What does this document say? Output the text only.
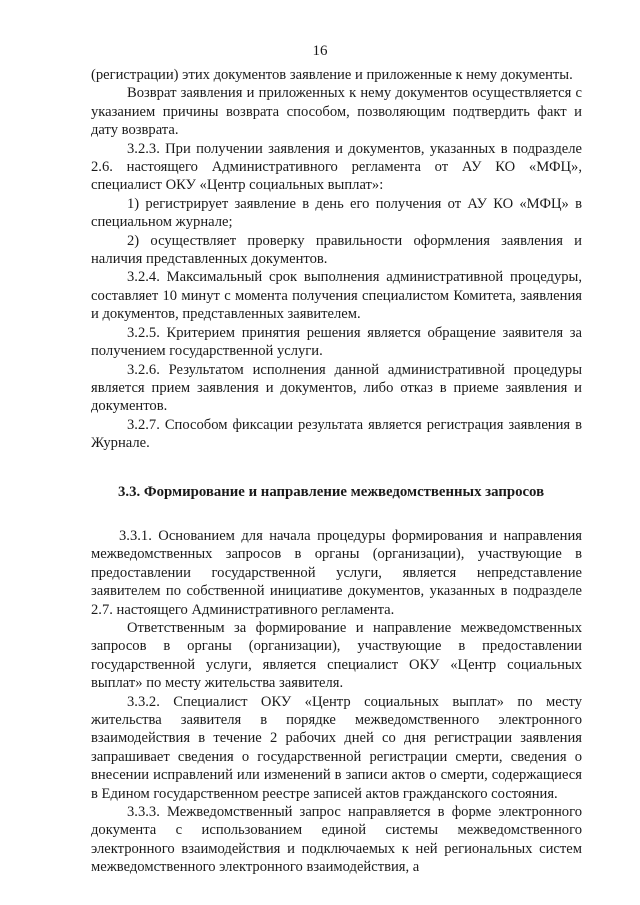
16

(регистрации) этих документов заявление и приложенные к нему документы.

Возврат заявления и приложенных к нему документов осуществляется с указанием причины возврата способом, позволяющим подтвердить факт и дату возврата.

3.2.3. При получении заявления и документов, указанных в подразделе 2.6. настоящего Административного регламента от АУ КО «МФЦ», специалист ОКУ «Центр социальных выплат»:

1) регистрирует заявление в день его получения от АУ КО «МФЦ» в специальном журнале;

2) осуществляет проверку правильности оформления заявления и наличия представленных документов.

3.2.4. Максимальный срок выполнения административной процедуры, составляет 10 минут с момента получения специалистом Комитета, заявления и документов, представленных заявителем.

3.2.5. Критерием принятия решения является обращение заявителя за получением государственной услуги.

3.2.6. Результатом исполнения данной административной процедуры является прием заявления и документов, либо отказ в приеме заявления и документов.

3.2.7. Способом фиксации результата является регистрация заявления в Журнале.

3.3. Формирование и направление межведомственных запросов

3.3.1. Основанием для начала процедуры формирования и направления межведомственных запросов в органы (организации), участвующие в предоставлении государственной услуги, является непредставление заявителем по собственной инициативе документов, указанных в подразделе 2.7. настоящего Административного регламента.

Ответственным за формирование и направление межведомственных запросов в органы (организации), участвующие в предоставлении государственной услуги, является специалист ОКУ «Центр социальных выплат» по месту жительства заявителя.

3.3.2. Специалист ОКУ «Центр социальных выплат» по месту жительства заявителя в порядке межведомственного электронного взаимодействия в течение 2 рабочих дней со дня регистрации заявления запрашивает сведения о государственной регистрации смерти, сведения о внесении исправлений или изменений в записи актов о смерти, содержащиеся в Едином государственном реестре записей актов гражданского состояния.

3.3.3. Межведомственный запрос направляется в форме электронного документа с использованием единой системы межведомственного электронного взаимодействия и подключаемых к ней региональных систем межведомственного электронного взаимодействия, а
